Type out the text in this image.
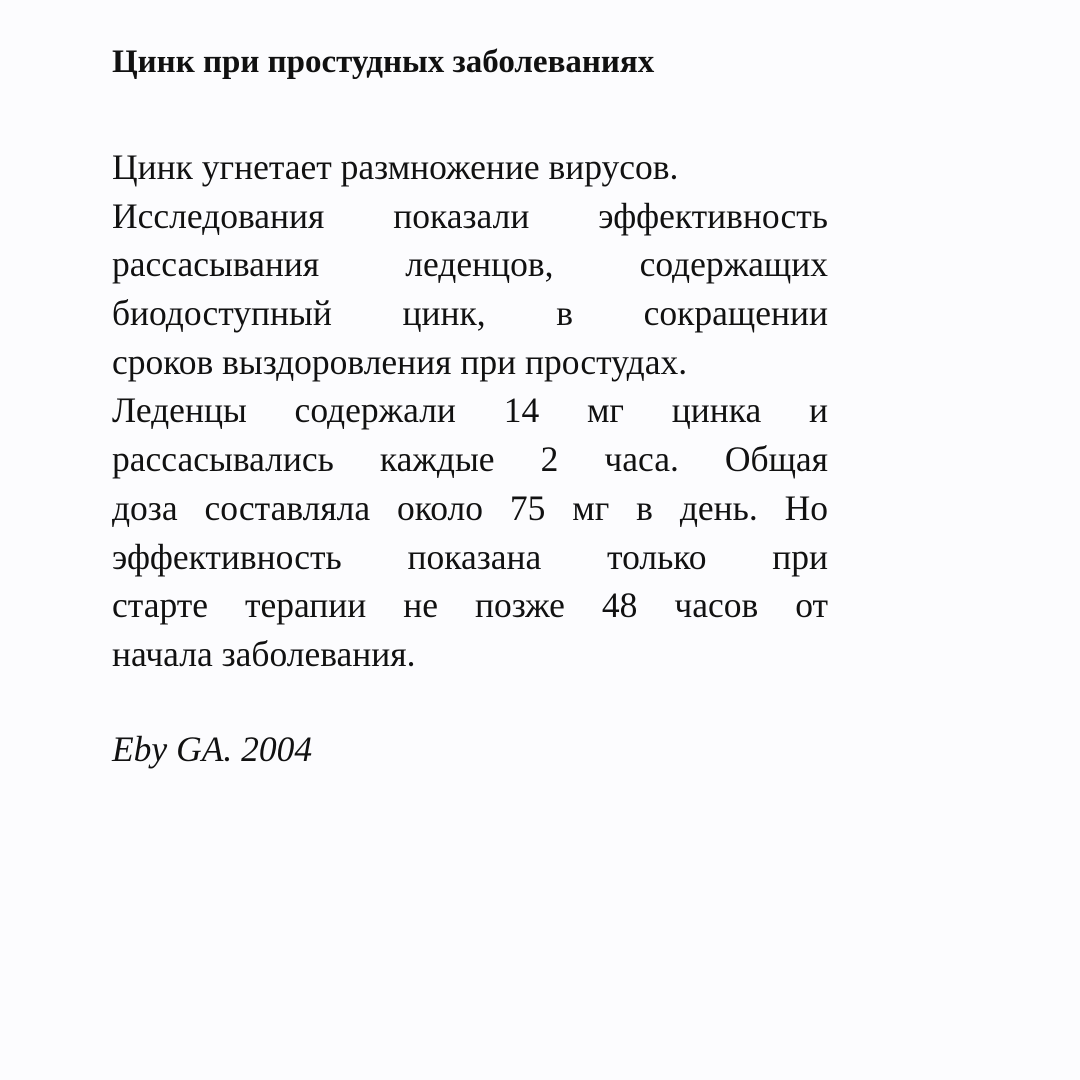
Цинк при простудных заболеваниях
Цинк угнетает размножение вирусов.
Исследования показали эффективность
рассасывания леденцов, содержащих
биодоступный цинк, в сокращении
сроков выздоровления при простудах.
Леденцы содержали 14 мг цинка и
рассасывались каждые 2 часа. Общая
доза составляла около 75 мг в день. Но
эффективность показана только при
старте терапии не позже 48 часов от
начала заболевания.
Eby GA. 2004
